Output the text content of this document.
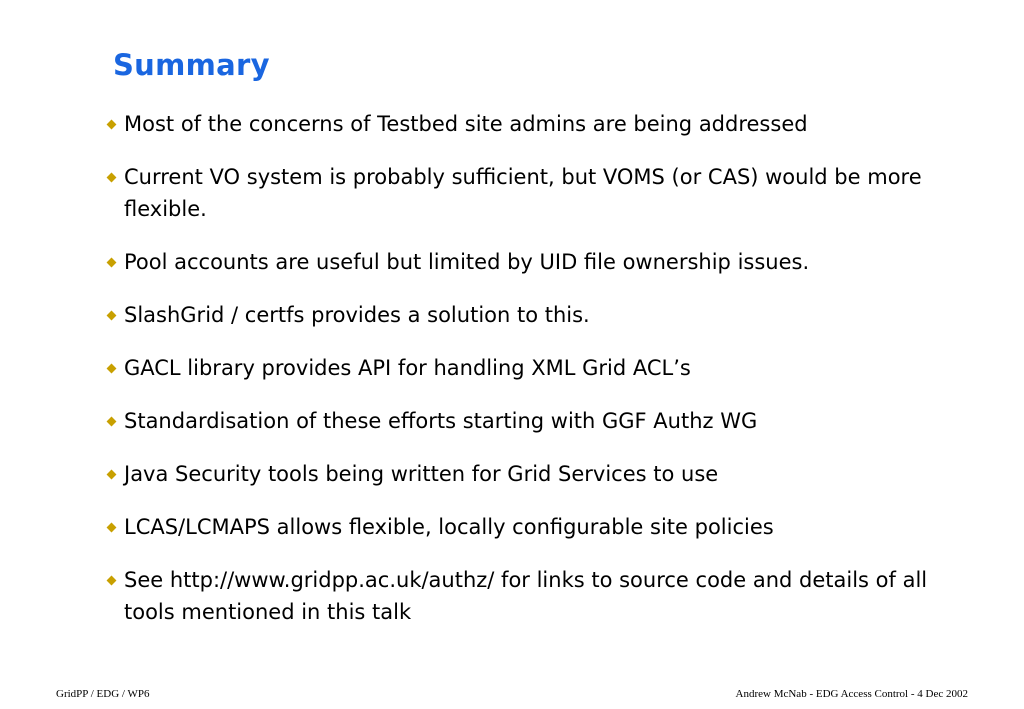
Summary
Most of the concerns of Testbed site admins are being addressed
Current VO system is probably sufficient, but VOMS (or CAS) would be more flexible.
Pool accounts are useful but limited by UID file ownership issues.
SlashGrid / certfs provides a solution to this.
GACL library provides API for handling XML Grid ACL’s
Standardisation of these efforts starting with GGF Authz WG
Java Security tools being written for Grid Services to use
LCAS/LCMAPS allows flexible, locally configurable site policies
See http://www.gridpp.ac.uk/authz/ for links to source code and details of all tools mentioned in this talk
GridPP / EDG / WP6	Andrew McNab - EDG Access Control - 4 Dec 2002
